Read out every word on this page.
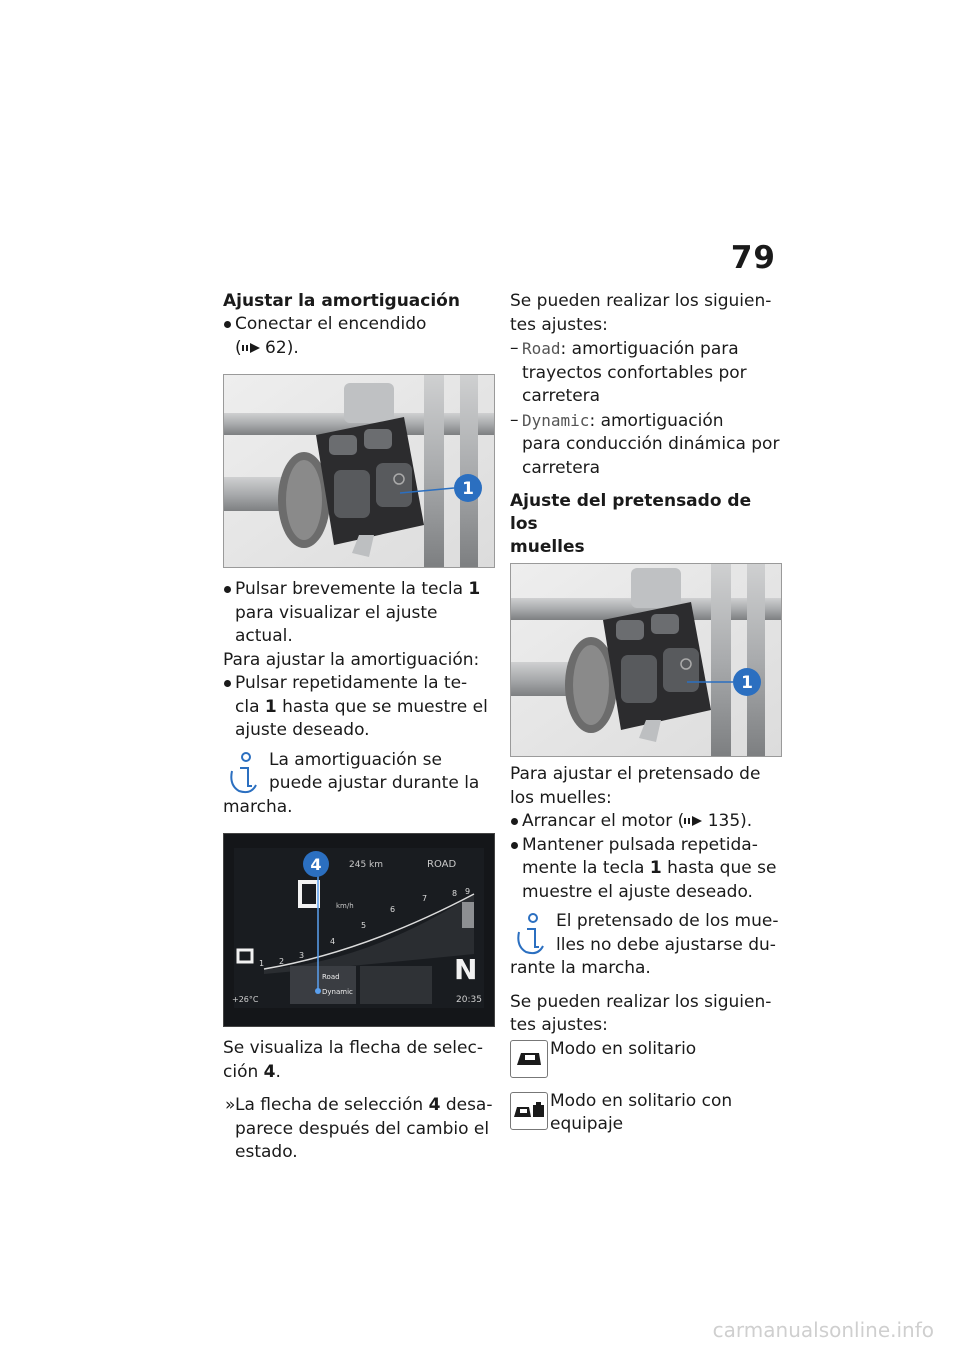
79
Ajustar la amortiguación
Conectar el encendido
( 62).
1
Pulsar brevemente la tecla 1
para visualizar el ajuste actual.

Para ajustar la amortiguación:

Pulsar repetidamente la te-
cla 1 hasta que se muestre el
ajuste deseado.
La amortiguación se
puede ajustar durante la
marcha.
245 km	ROAD
km/h
1 2
3
4
5
6
7
8 9
Road
Dynamic
N
+26°C	20:35
4

Se visualiza la flecha de selec-
ción 4.

» La flecha de selección 4 desa-
parece después del cambio el
estado.

Se pueden realizar los siguien-
tes ajustes:

– Road: amortiguación para
trayectos confortables por
carretera
– Dynamic: amortiguación
para conducción dinámica por
carretera
Ajuste del pretensado de los
muelles
1

Para ajustar el pretensado de
los muelles:

Arrancar el motor ( 135).
Mantener pulsada repetida-
mente la tecla 1 hasta que se
muestre el ajuste deseado.
El pretensado de los mue-
lles no debe ajustarse du-
rante la marcha.

Se pueden realizar los siguien-
tes ajustes:

Modo en solitario
Modo en solitario con
equipaje
carmanualsonline.info
